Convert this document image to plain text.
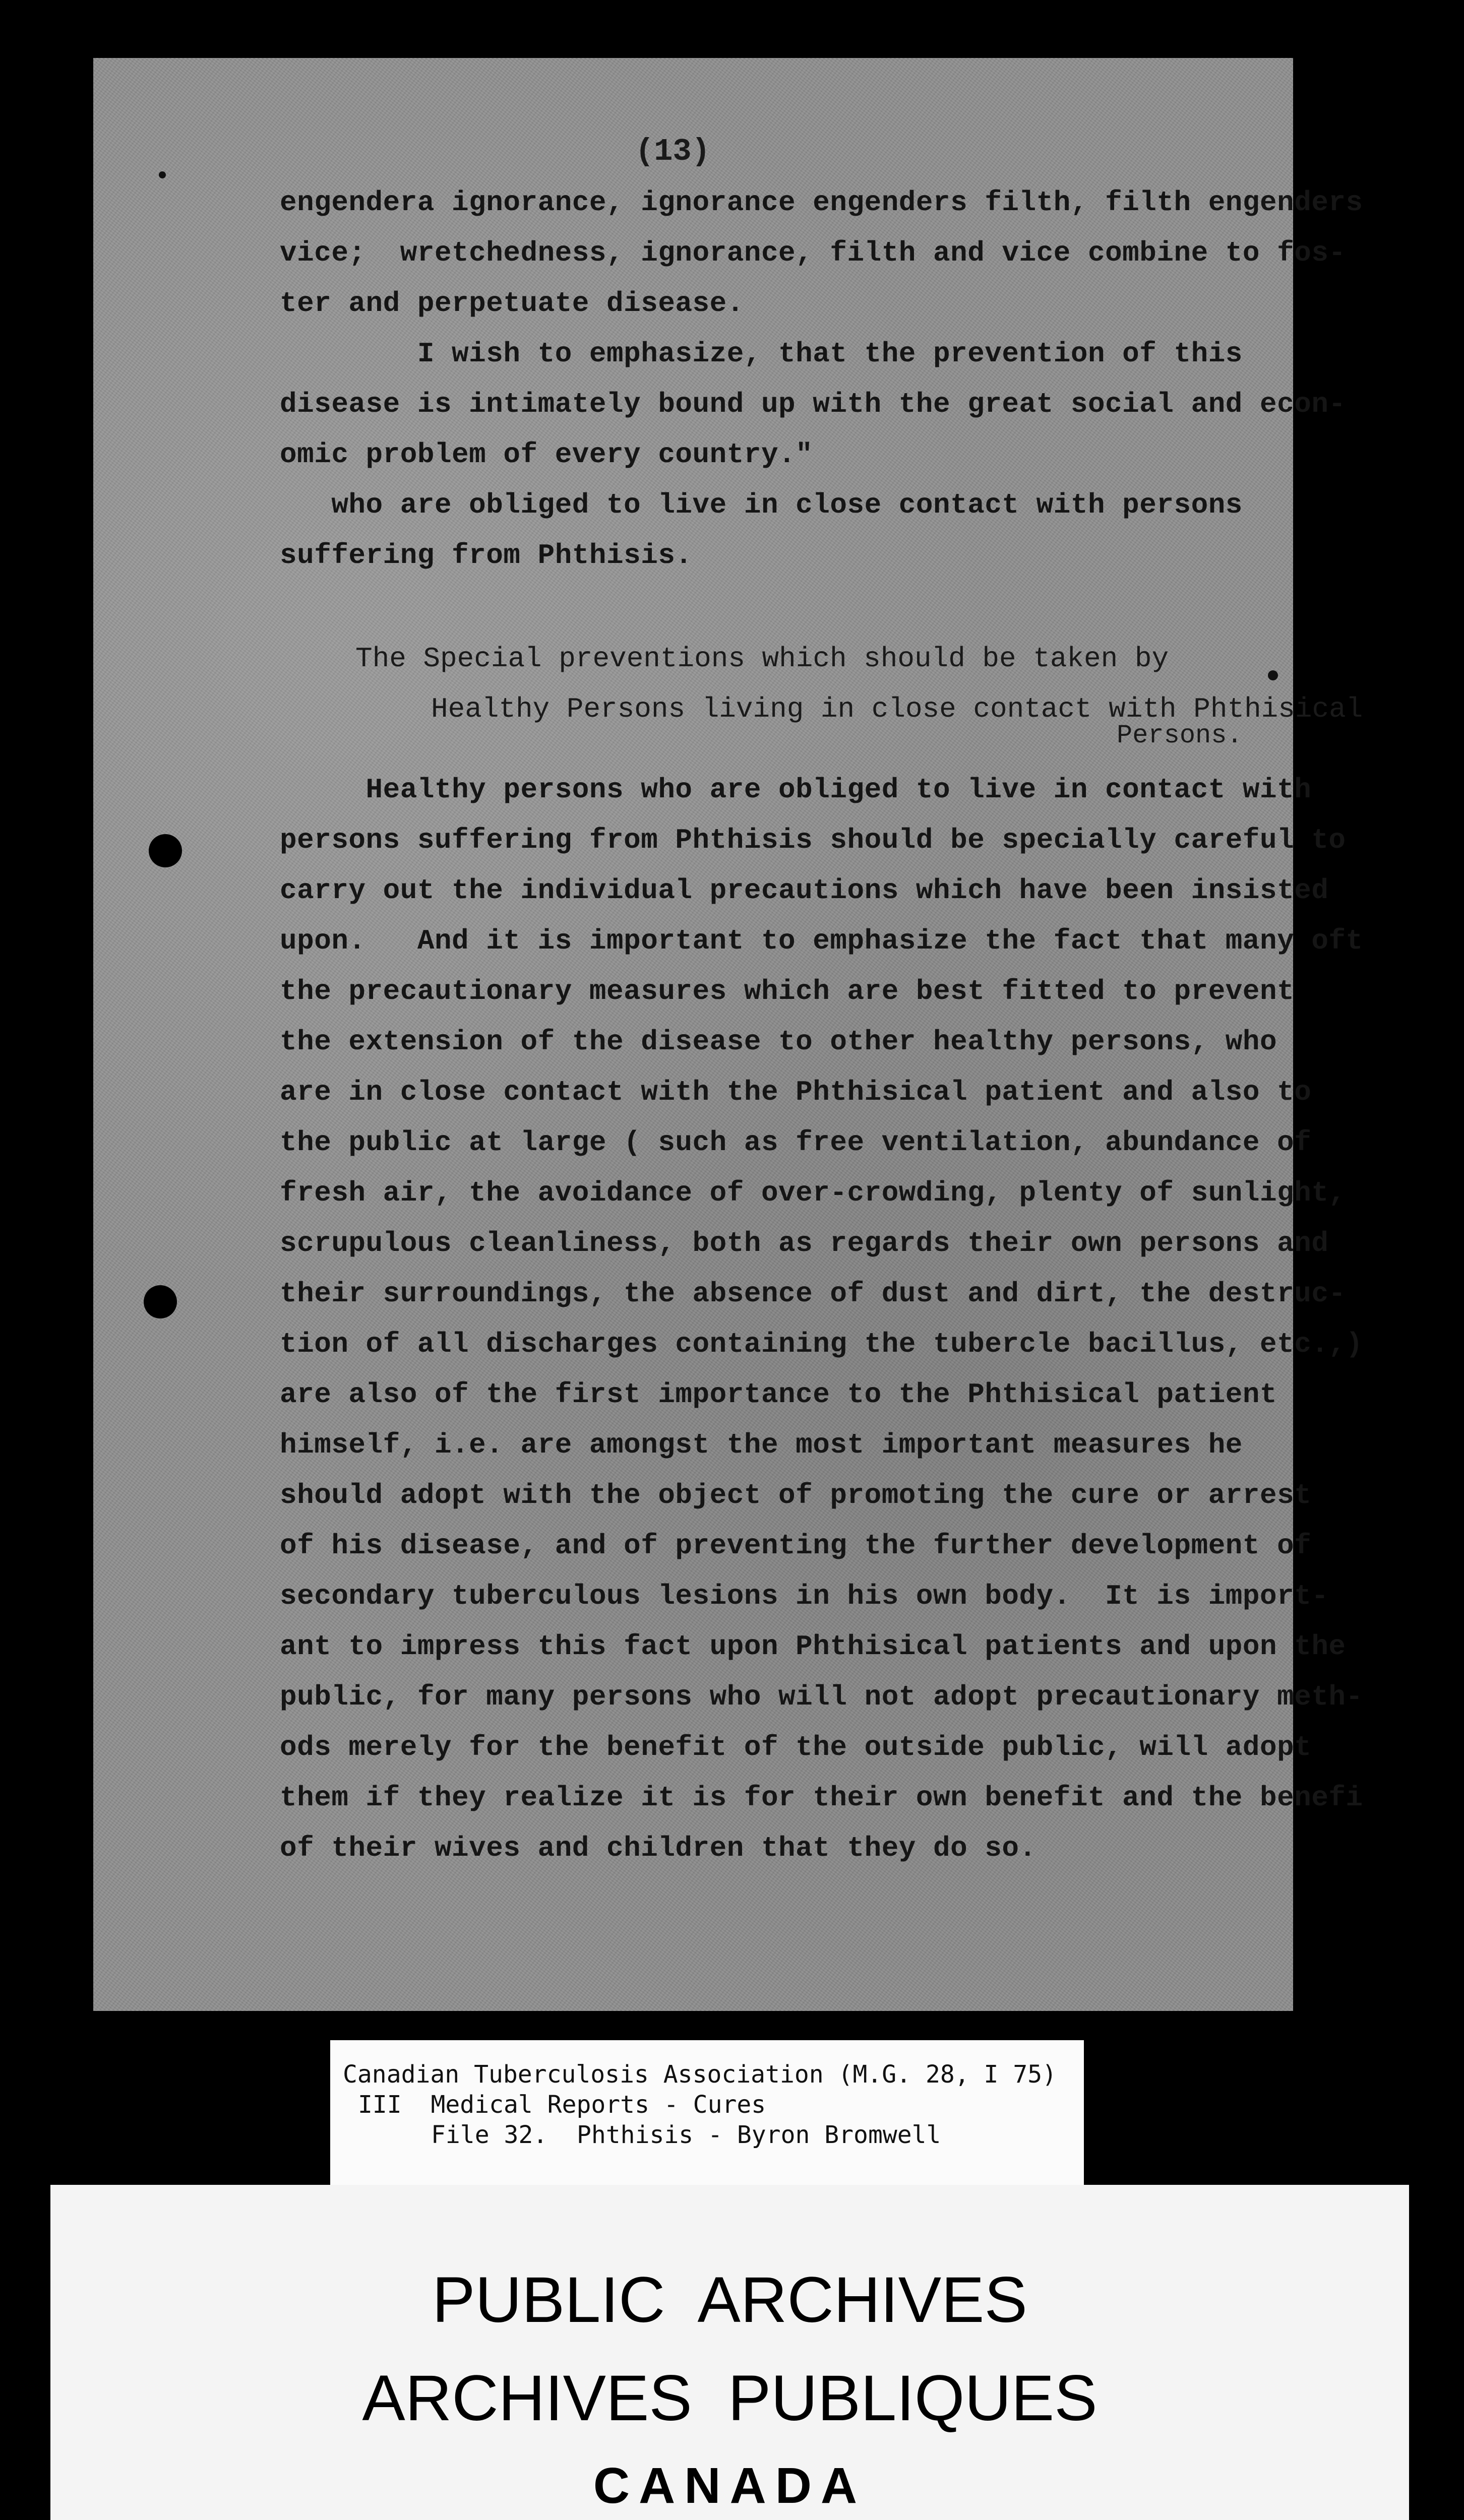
(13)
engendera ignorance, ignorance engenders filth, filth engenders
vice;  wretchedness, ignorance, filth and vice combine to fos-
ter and perpetuate disease.
I wish to emphasize, that the prevention of this
disease is intimately bound up with the great social and econ-
omic problem of every country."
who are obliged to live in close contact with persons
suffering from Phthisis.
The Special preventions which should be taken by
Healthy Persons living in close contact with Phthisical
Persons.
Healthy persons who are obliged to live in contact with
persons suffering from Phthisis should be specially careful to
carry out the individual precautions which have been insisted
upon.   And it is important to emphasize the fact that many oft
the precautionary measures which are best fitted to prevent
the extension of the disease to other healthy persons, who
are in close contact with the Phthisical patient and also to
the public at large ( such as free ventilation, abundance of
fresh air, the avoidance of over-crowding, plenty of sunlight,
scrupulous cleanliness, both as regards their own persons and
their surroundings, the absence of dust and dirt, the destruc-
tion of all discharges containing the tubercle bacillus, etc.,)
are also of the first importance to the Phthisical patient
himself, i.e. are amongst the most important measures he
should adopt with the object of promoting the cure or arrest
of his disease, and of preventing the further development of
secondary tuberculous lesions in his own body.  It is import-
ant to impress this fact upon Phthisical patients and upon the
public, for many persons who will not adopt precautionary meth-
ods merely for the benefit of the outside public, will adopt
them if they realize it is for their own benefit and the benefi
of their wives and children that they do so.
Canadian Tuberculosis Association (M.G. 28, I 75)
III  Medical Reports - Cures
File 32.  Phthisis - Byron Bromwell
PUBLIC  ARCHIVES
ARCHIVES  PUBLIQUES
CANADA
